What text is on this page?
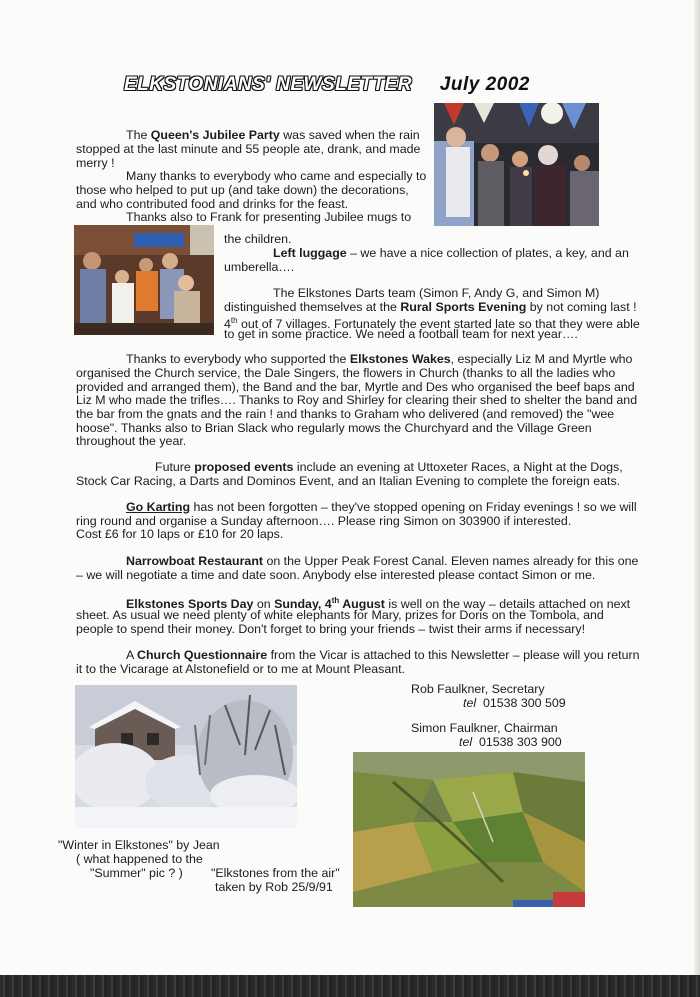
ELKSTONIANS' NEWSLETTER July 2002

The Queen's Jubilee Party was saved when the rain

stopped at the last minute and 55 people ate, drank, and made

merry !

Many thanks to everybody who came and especially to

those who helped to put up (and take down) the decorations,

and who contributed food and drinks for the feast.

Thanks also to Frank for presenting Jubilee mugs to

the children.

Left luggage – we have a nice collection of plates, a key, and an

umberella….

The Elkstones Darts team (Simon F, Andy G, and Simon M)

distinguished themselves at the Rural Sports Evening by not coming last !

4th out of 7 villages. Fortunately the event started late so that they were able

to get in some practice. We need a football team for next year….

Thanks to everybody who supported the Elkstones Wakes, especially Liz M and Myrtle who

organised the Church service, the Dale Singers, the flowers in Church (thanks to all the ladies who

provided and arranged them), the Band and the bar, Myrtle and Des who organised the beef baps and

Liz M who made the trifles…. Thanks to Roy and Shirley for clearing their shed to shelter the band and

the bar from the gnats and the rain ! and thanks to Graham who delivered (and removed) the "wee

hoose". Thanks also to Brian Slack who regularly mows the Churchyard and the Village Green

throughout the year.

Future proposed events include an evening at Uttoxeter Races, a Night at the Dogs,

Stock Car Racing, a Darts and Dominos Event, and an Italian Evening to complete the foreign eats.

Go Karting has not been forgotten – they've stopped opening on Friday evenings ! so we will

ring round and organise a Sunday afternoon…. Please ring Simon on 303900 if interested.

Cost £6 for 10 laps or £10 for 20 laps.

Narrowboat Restaurant on the Upper Peak Forest Canal. Eleven names already for this one

– we will negotiate a time and date soon. Anybody else interested please contact Simon or me.

Elkstones Sports Day on Sunday, 4th August is well on the way – details attached on next

sheet. As usual we need plenty of white elephants for Mary, prizes for Doris on the Tombola, and

people to spend their money. Don't forget to bring your friends – twist their arms if necessary!

A Church Questionnaire from the Vicar is attached to this Newsletter – please will you return

it to the Vicarage at Alstonefield or to me at Mount Pleasant.

Rob Faulkner, Secretary

tel 01538 300 509

Simon Faulkner, Chairman

tel 01538 303 900

"Winter in Elkstones" by Jean

( what happened to the

"Summer" pic ? ) "Elkstones from the air"

taken by Rob 25/9/91
